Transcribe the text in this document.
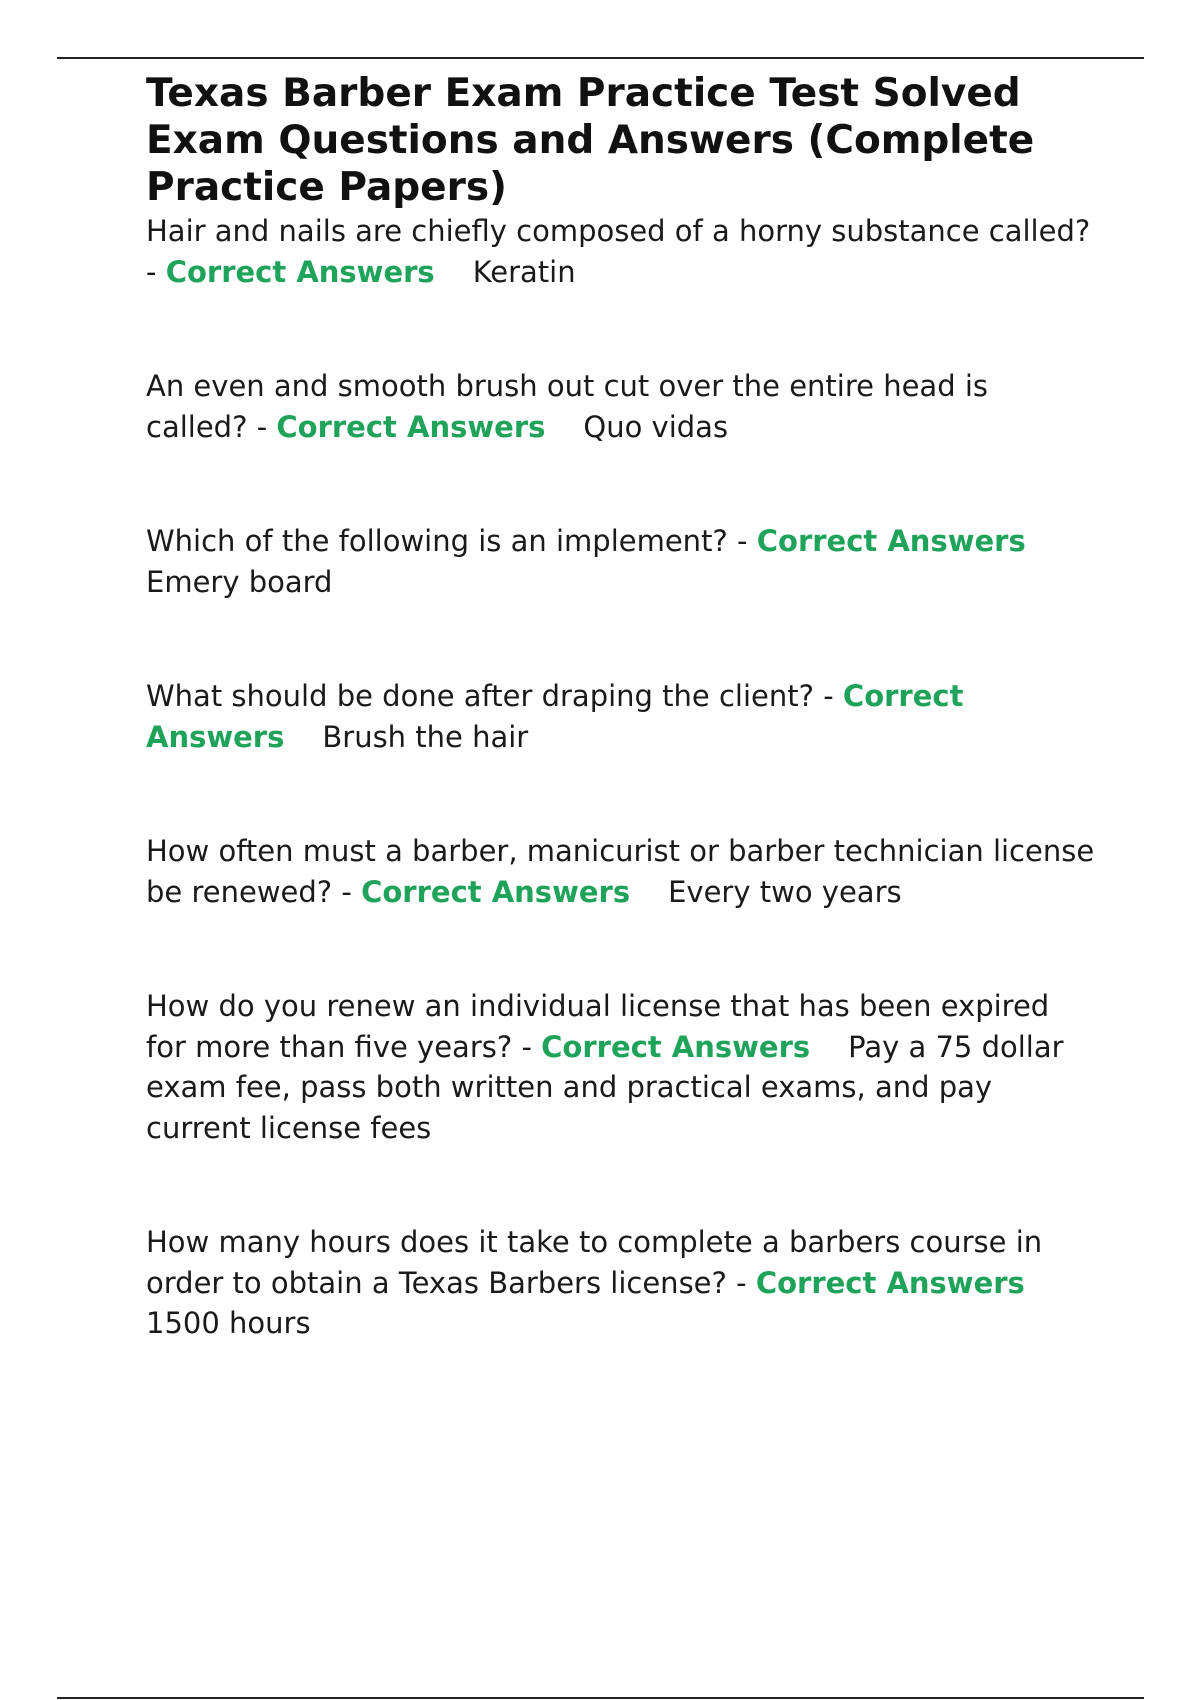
Texas Barber Exam Practice Test Solved Exam Questions and Answers (Complete Practice Papers)

Hair and nails are chiefly composed of a horny substance called? - Correct Answers Keratin

An even and smooth brush out cut over the entire head is called? - Correct Answers Quo vidas

Which of the following is an implement? - Correct AnswersEmery board

What should be done after draping the client? - Correct Answers Brush the hair

How often must a barber, manicurist or barber technician license be renewed? - Correct Answers Every two years

How do you renew an individual license that has been expired for more than five years? - Correct Answers Pay a 75 dollar exam fee, pass both written and practical exams, and pay current license fees

How many hours does it take to complete a barbers course in order to obtain a Texas Barbers license? - Correct Answers1500 hours
